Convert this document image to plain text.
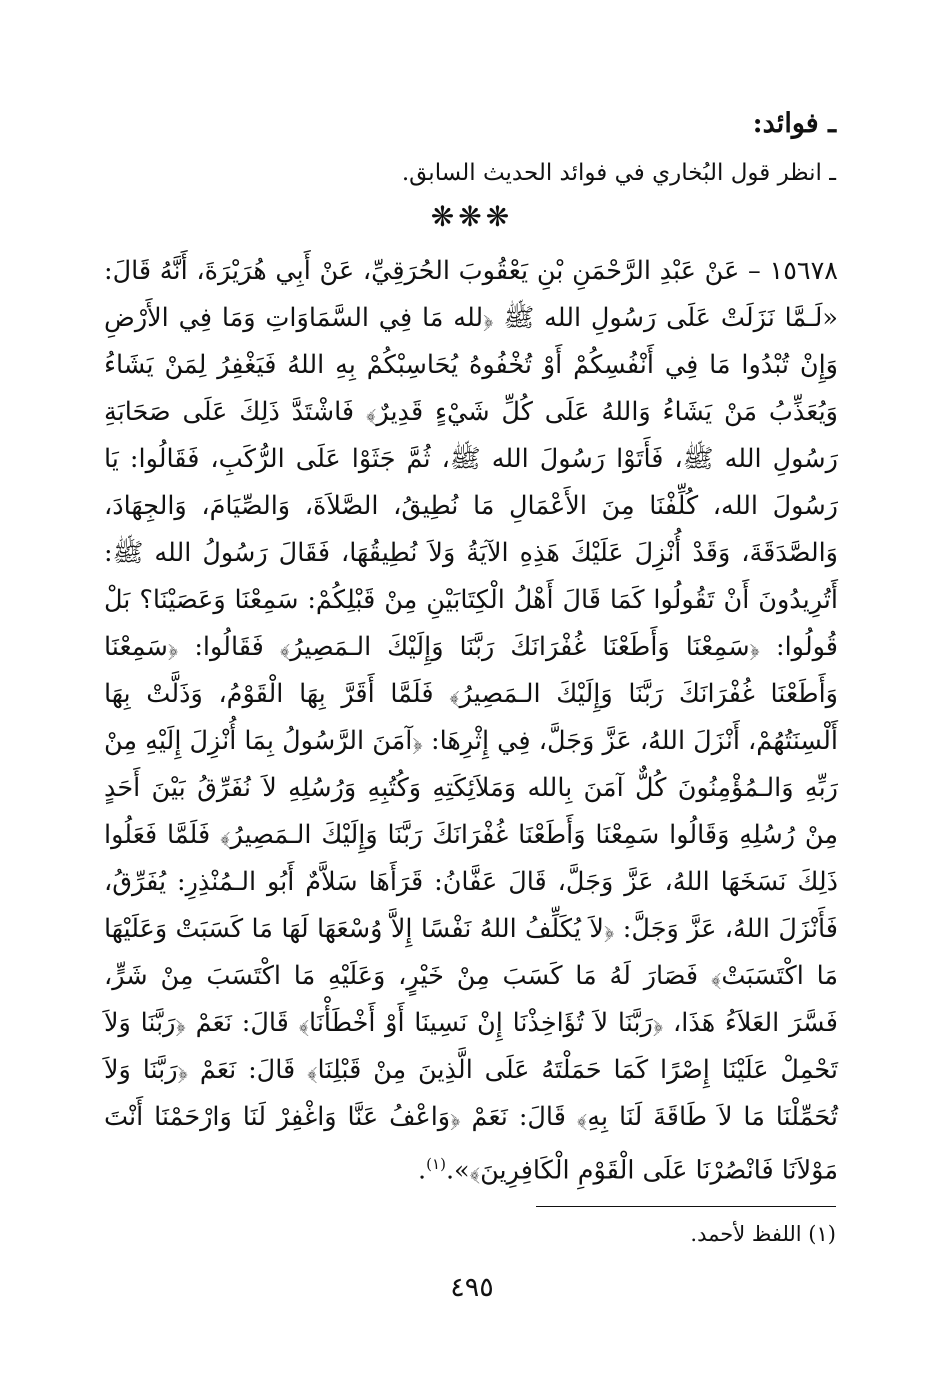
ـ فوائد:
ـ انظر قول البُخاري في فوائد الحديث السابق.
❋❋❋

١٥٦٧٨ – عَنْ عَبْدِ الرَّحْمَنِ بْنِ يَعْقُوبَ الحُرَقِيِّ، عَنْ أَبِي هُرَيْرَةَ، أَنَّهُ قَالَ: «لَـمَّا نَزَلَتْ عَلَى رَسُولِ الله ﷺ ﴿لله مَا فِي السَّمَاوَاتِ وَمَا فِي الأَرْضِ وَإِنْ تُبْدُوا مَا فِي أَنْفُسِكُمْ أَوْ تُخْفُوهُ يُحَاسِبْكُمْ بِهِ اللهُ فَيَغْفِرُ لِمَنْ يَشَاءُ وَيُعَذِّبُ مَنْ يَشَاءُ وَاللهُ عَلَى كُلِّ شَيْءٍ قَدِيرٌ﴾ فَاشْتَدَّ ذَلِكَ عَلَى صَحَابَةِ رَسُولِ الله ﷺ، فَأَتَوْا رَسُولَ الله ﷺ، ثُمَّ جَثَوْا عَلَى الرُّكَبِ، فَقَالُوا: يَا رَسُولَ الله، كُلِّفْنَا مِنَ الأَعْمَالِ مَا نُطِيقُ، الصَّلاَةَ، وَالصِّيَامَ، وَالجِهَادَ، وَالصَّدَقَةَ، وَقَدْ أُنْزِلَ عَلَيْكَ هَذِهِ الآيَةُ وَلاَ نُطِيقُهَا، فَقَالَ رَسُولُ الله ﷺ: أَتُرِيدُونَ أَنْ تَقُولُوا كَمَا قَالَ أَهْلُ الْكِتَابَيْنِ مِنْ قَبْلِكُمْ: سَمِعْنَا وَعَصَيْنَا؟ بَلْ قُولُوا: ﴿سَمِعْنَا وَأَطَعْنَا غُفْرَانَكَ رَبَّنَا وَإِلَيْكَ الـمَصِيرُ﴾ فَقَالُوا: ﴿سَمِعْنَا وَأَطَعْنَا غُفْرَانَكَ رَبَّنَا وَإِلَيْكَ الـمَصِيرُ﴾ فَلَمَّا أَقَرَّ بِهَا الْقَوْمُ، وَذَلَّتْ بِهَا أَلْسِنَتُهُمْ، أَنْزَلَ اللهُ، عَزَّ وَجَلَّ، فِي إِثْرِهَا: ﴿آمَنَ الرَّسُولُ بِمَا أُنْزِلَ إِلَيْهِ مِنْ رَبِّهِ وَالـمُؤْمِنُونَ كُلٌّ آمَنَ بِالله وَمَلاَئِكَتِهِ وَكُتُبِهِ وَرُسُلِهِ لاَ نُفَرِّقُ بَيْنَ أَحَدٍ مِنْ رُسُلِهِ وَقَالُوا سَمِعْنَا وَأَطَعْنَا غُفْرَانَكَ رَبَّنَا وَإِلَيْكَ الـمَصِيرُ﴾ فَلَمَّا فَعَلُوا ذَلِكَ نَسَخَهَا اللهُ، عَزَّ وَجَلَّ، قَالَ عَفَّانُ: قَرَأَهَا سَلاَّمٌ أَبُو الـمُنْذِرِ: يُفَرِّقُ، فَأَنْزَلَ اللهُ، عَزَّ وَجَلَّ: ﴿لاَ يُكَلِّفُ اللهُ نَفْسًا إِلاَّ وُسْعَهَا لَهَا مَا كَسَبَتْ وَعَلَيْهَا مَا اكْتَسَبَتْ﴾ فَصَارَ لَهُ مَا كَسَبَ مِنْ خَيْرٍ، وَعَلَيْهِ مَا اكْتَسَبَ مِنْ شَرٍّ، فَسَّرَ العَلاَءُ هَذَا، ﴿رَبَّنَا لاَ تُؤَاخِذْنَا إِنْ نَسِينَا أَوْ أَخْطَأْنَا﴾ قَالَ: نَعَمْ ﴿رَبَّنَا وَلاَ تَحْمِلْ عَلَيْنَا إِصْرًا كَمَا حَمَلْتَهُ عَلَى الَّذِينَ مِنْ قَبْلِنَا﴾ قَالَ: نَعَمْ ﴿رَبَّنَا وَلاَ تُحَمِّلْنَا مَا لاَ طَاقَةَ لَنَا بِهِ﴾ قَالَ: نَعَمْ ﴿وَاعْفُ عَنَّا وَاغْفِرْ لَنَا وَارْحَمْنَا أَنْتَ مَوْلاَنَا فَانْصُرْنَا عَلَى الْقَوْمِ الْكَافِرِينَ﴾».$^{(١)}$.

(١) اللفظ لأحمد.
٤٩٥
